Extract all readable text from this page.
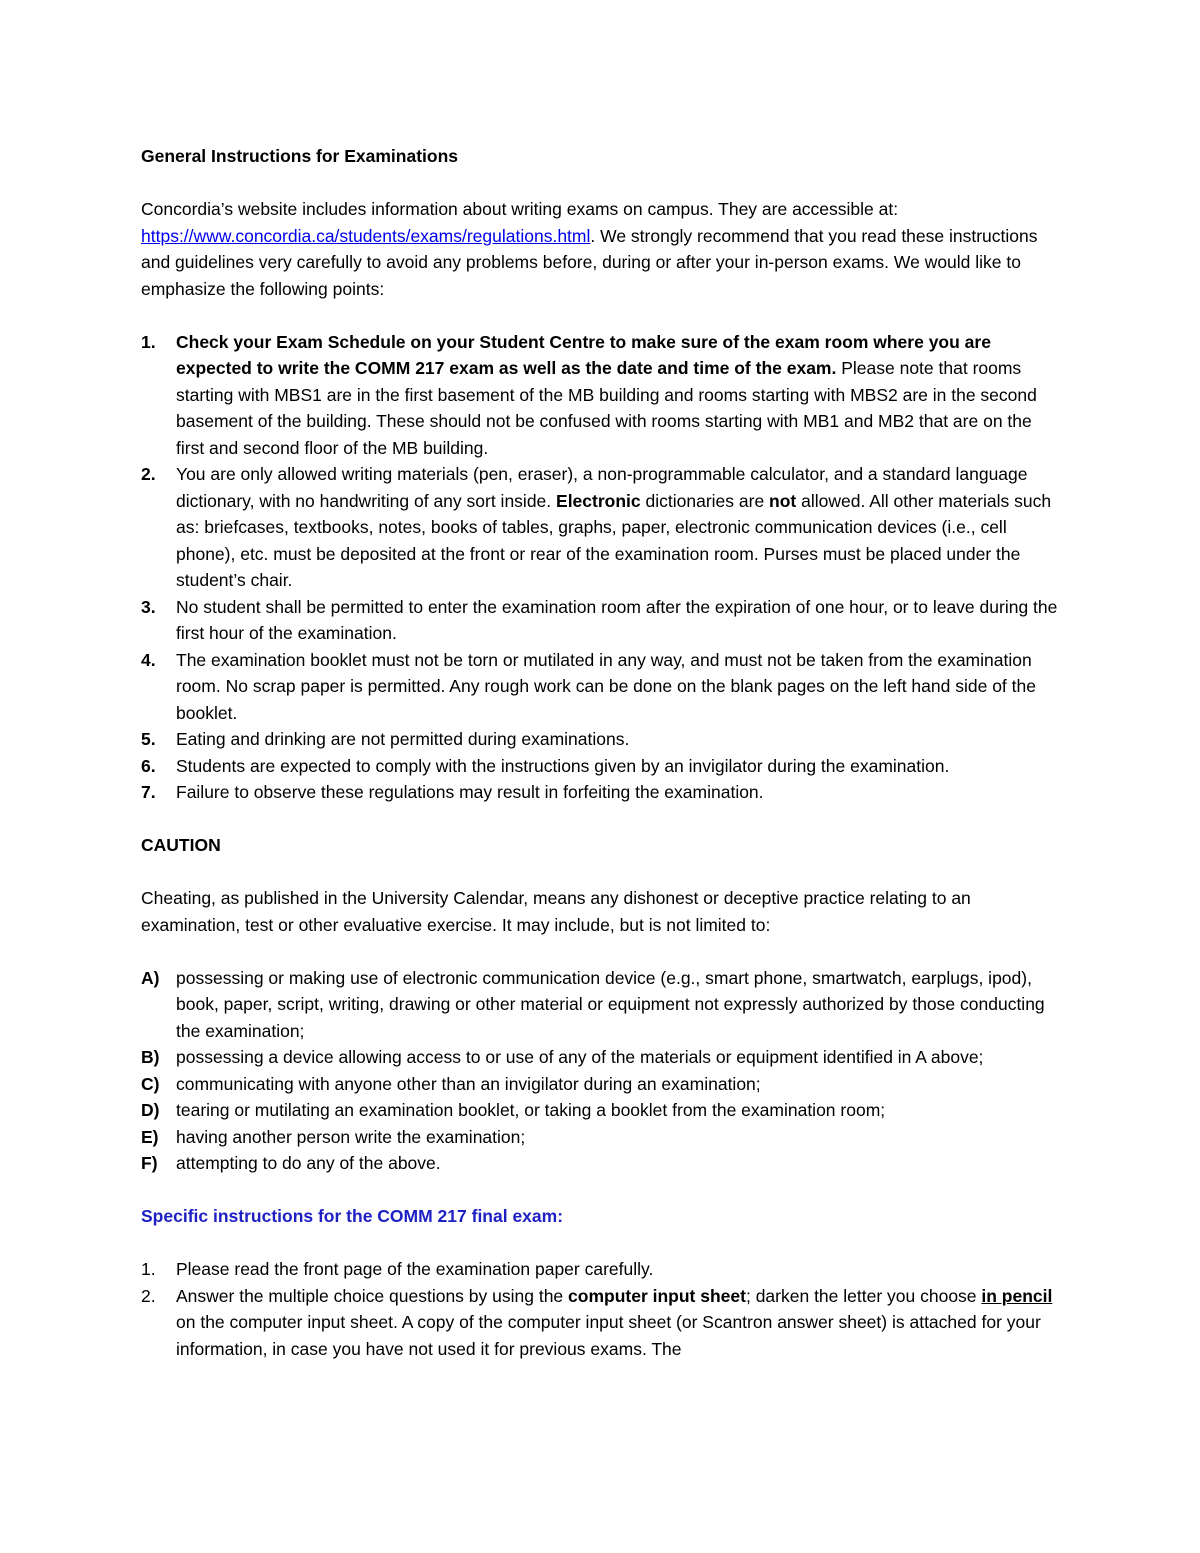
General Instructions for Examinations

Concordia’s website includes information about writing exams on campus. They are accessible at: https://www.concordia.ca/students/exams/regulations.html. We strongly recommend that you read these instructions and guidelines very carefully to avoid any problems before, during or after your in-person exams. We would like to emphasize the following points:

1. Check your Exam Schedule on your Student Centre to make sure of the exam room where you are expected to write the COMM 217 exam as well as the date and time of the exam. Please note that rooms starting with MBS1 are in the first basement of the MB building and rooms starting with MBS2 are in the second basement of the building. These should not be confused with rooms starting with MB1 and MB2 that are on the first and second floor of the MB building.
2. You are only allowed writing materials (pen, eraser), a non-programmable calculator, and a standard language dictionary, with no handwriting of any sort inside. Electronic dictionaries are not allowed. All other materials such as: briefcases, textbooks, notes, books of tables, graphs, paper, electronic communication devices (i.e., cell phone), etc. must be deposited at the front or rear of the examination room. Purses must be placed under the student’s chair.
3. No student shall be permitted to enter the examination room after the expiration of one hour, or to leave during the first hour of the examination.
4. The examination booklet must not be torn or mutilated in any way, and must not be taken from the examination room. No scrap paper is permitted. Any rough work can be done on the blank pages on the left hand side of the booklet.
5. Eating and drinking are not permitted during examinations.
6. Students are expected to comply with the instructions given by an invigilator during the examination.
7. Failure to observe these regulations may result in forfeiting the examination.

CAUTION

Cheating, as published in the University Calendar, means any dishonest or deceptive practice relating to an examination, test or other evaluative exercise. It may include, but is not limited to:

A) possessing or making use of electronic communication device (e.g., smart phone, smartwatch, earplugs, ipod), book, paper, script, writing, drawing or other material or equipment not expressly authorized by those conducting the examination;
B) possessing a device allowing access to or use of any of the materials or equipment identified in A above;
C) communicating with anyone other than an invigilator during an examination;
D) tearing or mutilating an examination booklet, or taking a booklet from the examination room;
E) having another person write the examination;
F) attempting to do any of the above.

Specific instructions for the COMM 217 final exam:

1. Please read the front page of the examination paper carefully.
2. Answer the multiple choice questions by using the computer input sheet; darken the letter you choose in pencil on the computer input sheet. A copy of the computer input sheet (or Scantron answer sheet) is attached for your information, in case you have not used it for previous exams. The
